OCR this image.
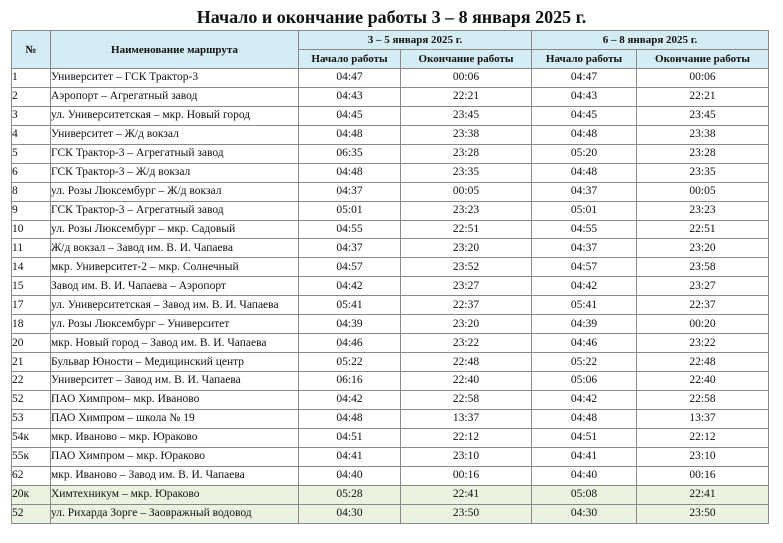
Начало и окончание работы 3 – 8 января 2025 г.
№	Наименование маршрута	3 – 5 января 2025 г.		6 – 8 января 2025 г.	
		Начало работы	Окончание работы	Начало работы	Окончание работы
1	Университет – ГСК Трактор-3	04:47	00:06	04:47	00:06
2	Аэропорт – Агрегатный завод	04:43	22:21	04:43	22:21
3	ул. Университетская – мкр. Новый город	04:45	23:45	04:45	23:45
4	Университет – Ж/д вокзал	04:48	23:38	04:48	23:38
5	ГСК Трактор-3 – Агрегатный завод	06:35	23:28	05:20	23:28
6	ГСК Трактор-3 – Ж/д вокзал	04:48	23:35	04:48	23:35
8	ул. Розы Люксембург – Ж/д вокзал	04:37	00:05	04:37	00:05
9	ГСК Трактор-3 – Агрегатный завод	05:01	23:23	05:01	23:23
10	ул. Розы Люксембург – мкр. Садовый	04:55	22:51	04:55	22:51
11	Ж/д вокзал – Завод им. В. И. Чапаева	04:37	23:20	04:37	23:20
14	мкр. Университет-2 – мкр. Солнечный	04:57	23:52	04:57	23:58
15	Завод им. В. И. Чапаева – Аэропорт	04:42	23:27	04:42	23:27
17	ул. Университетская – Завод им. В. И. Чапаева	05:41	22:37	05:41	22:37
18	ул. Розы Люксембург – Университет	04:39	23:20	04:39	00:20
20	мкр. Новый город – Завод им. В. И. Чапаева	04:46	23:22	04:46	23:22
21	Бульвар Юности – Медицинский центр	05:22	22:48	05:22	22:48
22	Университет – Завод им. В. И. Чапаева	06:16	22:40	05:06	22:40
52	ПАО Химпром– мкр. Иваново	04:42	22:58	04:42	22:58
53	ПАО Химпром – школа № 19	04:48	13:37	04:48	13:37
54к	мкр. Иваново – мкр. Юраково	04:51	22:12	04:51	22:12
55к	ПАО Химпром – мкр. Юраково	04:41	23:10	04:41	23:10
62	мкр. Иваново – Завод им. В. И. Чапаева	04:40	00:16	04:40	00:16
20к	Химтехникум – мкр. Юраково	05:28	22:41	05:08	22:41
52	ул. Рихарда Зорге – Заовражный водовод	04:30	23:50	04:30	23:50
